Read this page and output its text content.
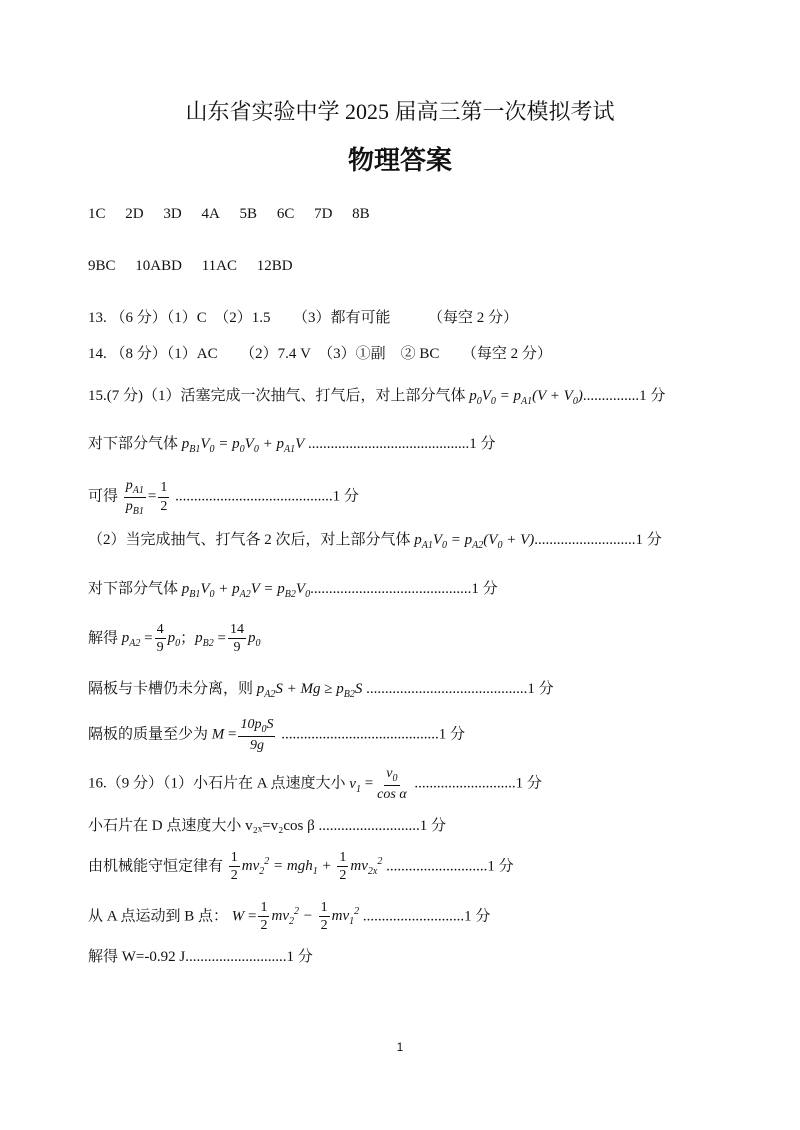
山东省实验中学 2025 届高三第一次模拟考试
物理答案
1C 2D 3D 4A 5B 6C 7D 8B
9BC 10ABD 11AC 12BD
13. （6 分）（1）C　（2）1.5　　（3）都有可能　　　（每空 2 分）
14. （8 分）（1）AC　　（2）7.4 V　（3）①副　② BC　　（每空 2 分）
15.(7 分)（1）活塞完成一次抽气、打气后，对上部分气体 $p_0V_0 = p_{A1}(V + V_0)...............1$ 分
对下部分气体 $p_{B1}V_0 = p_0V_0 + p_{A1}V$ ...........................................1 分
可得 $\frac{p_{A1}}{p_{B1}} = \frac{1}{2} ..........................................1$ 分
（2）当完成抽气、打气各 2 次后，对上部分气体 $p_{A1}V_0 = p_{A2}(V_0 + V)...........................1$ 分
对下部分气体 $p_{B1}V_0 + p_{A2}V = p_{B2}V_0...........................................1$ 分
解得 $p_{A2} = \frac{4}{9} p_0$；$p_{B2} = \frac{14}{9} p_0$
隔板与卡槽仍未分离，则 $p_{A2}S + Mg \ge p_{B2}S$ ...........................................1 分
隔板的质量至少为 $M = \frac{10p_0S}{9g} ..........................................1$ 分
16.（9 分）（1）小石片在 A 点速度大小 $v_1 = \frac{v_0}{\text{cos α}} ...........................1$ 分
小石片在 D 点速度大小 v₂ₓ=v₂cos β ...........................1 分
由机械能守恒定律有 $\frac{1}{2} mv_2^2 = mgh_1 + \frac{1}{2} mv_{2x}^2$ ...........................1 分
从 A 点运动到 B 点： $W = \frac{1}{2} mv_2^2 - \frac{1}{2} mv_1^2$ ...........................1 分
解得 W=-0.92 J...........................1 分
1
